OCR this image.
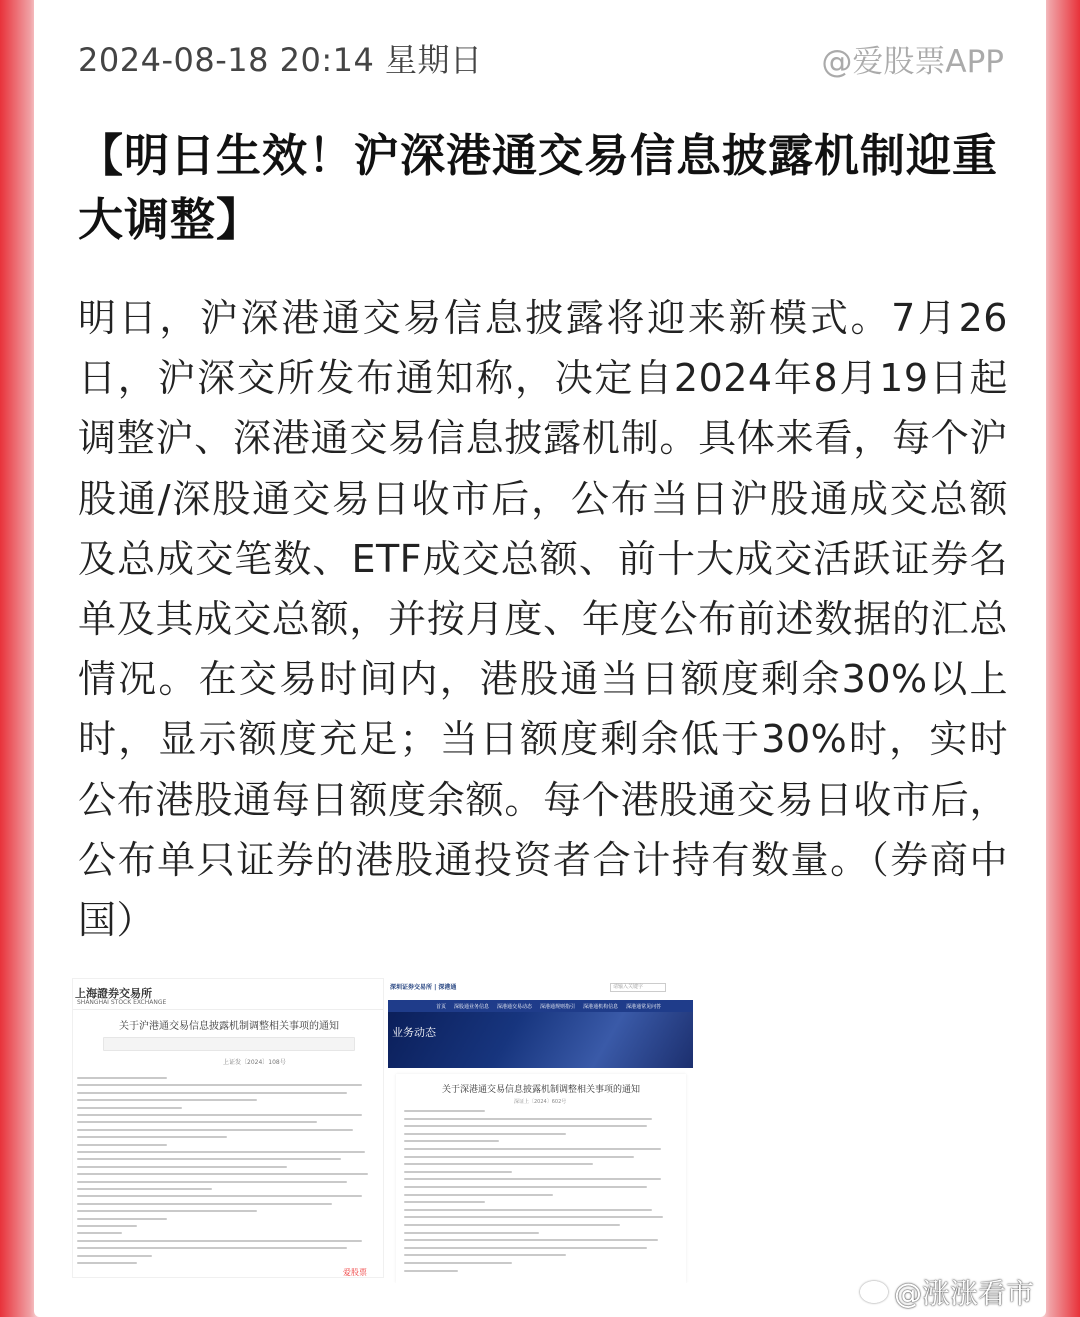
2024-08-18 20:14 星期日	@爱股票APP
【明日生效！沪深港通交易信息披露机制迎重大调整】
明日，沪深港通交易信息披露将迎来新模式。7月26日，沪深交所发布通知称，决定自2024年8月19日起调整沪、深港通交易信息披露机制。具体来看，每个沪股通/深股通交易日收市后，公布当日沪股通成交总额及总成交笔数、ETF成交总额、前十大成交活跃证券名单及其成交总额，并按月度、年度公布前述数据的汇总情况。在交易时间内，港股通当日额度剩余30%以上时，显示额度充足；当日额度剩余低于30%时，实时公布港股通每日额度余额。每个港股通交易日收市后，公布单只证券的港股通投资者合计持有数量。（券商中国）
上海證券交易所
SHANGHAI STOCK EXCHANGE
关于沪港通交易信息披露机制调整相关事项的通知
上证发〔2024〕108号
爱股票
深圳证券交易所 | 深港通	请输入关键字
首页 深股通业务信息 深港通交易动态 深港通规则指引 深港通机构信息 深港通常见问答
业务动态
关于深港通交易信息披露机制调整相关事项的通知
深证上〔2024〕602号
@涨涨看市
